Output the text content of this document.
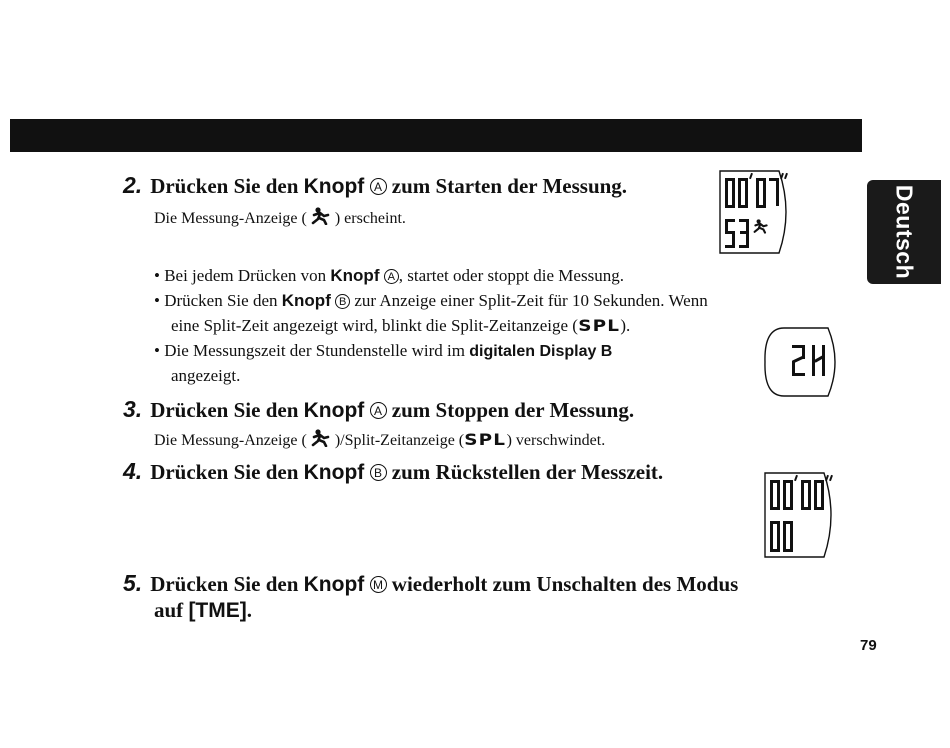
Deutsch
2. Drücken Sie den Knopf A zum Starten der Messung.
Die Messung-Anzeige ( ) erscheint.
• Bei jedem Drücken von Knopf A , startet oder stoppt die Messung.
• Drücken Sie den Knopf B zur Anzeige einer Split-Zeit für 10 Sekunden. Wenn
eine Split-Zeit angezeigt wird, blinkt die Split-Zeitanzeige (SPL).
• Die Messungszeit der Stundenstelle wird im digitalen Display B
angezeigt.
3. Drücken Sie den Knopf A zum Stoppen der Messung.
Die Messung-Anzeige ( )/Split-Zeitanzeige (SPL) verschwindet.
4. Drücken Sie den Knopf B zum Rückstellen der Messzeit.
5. Drücken Sie den Knopf M wiederholt zum Unschalten des Modus
auf [TME].
79
